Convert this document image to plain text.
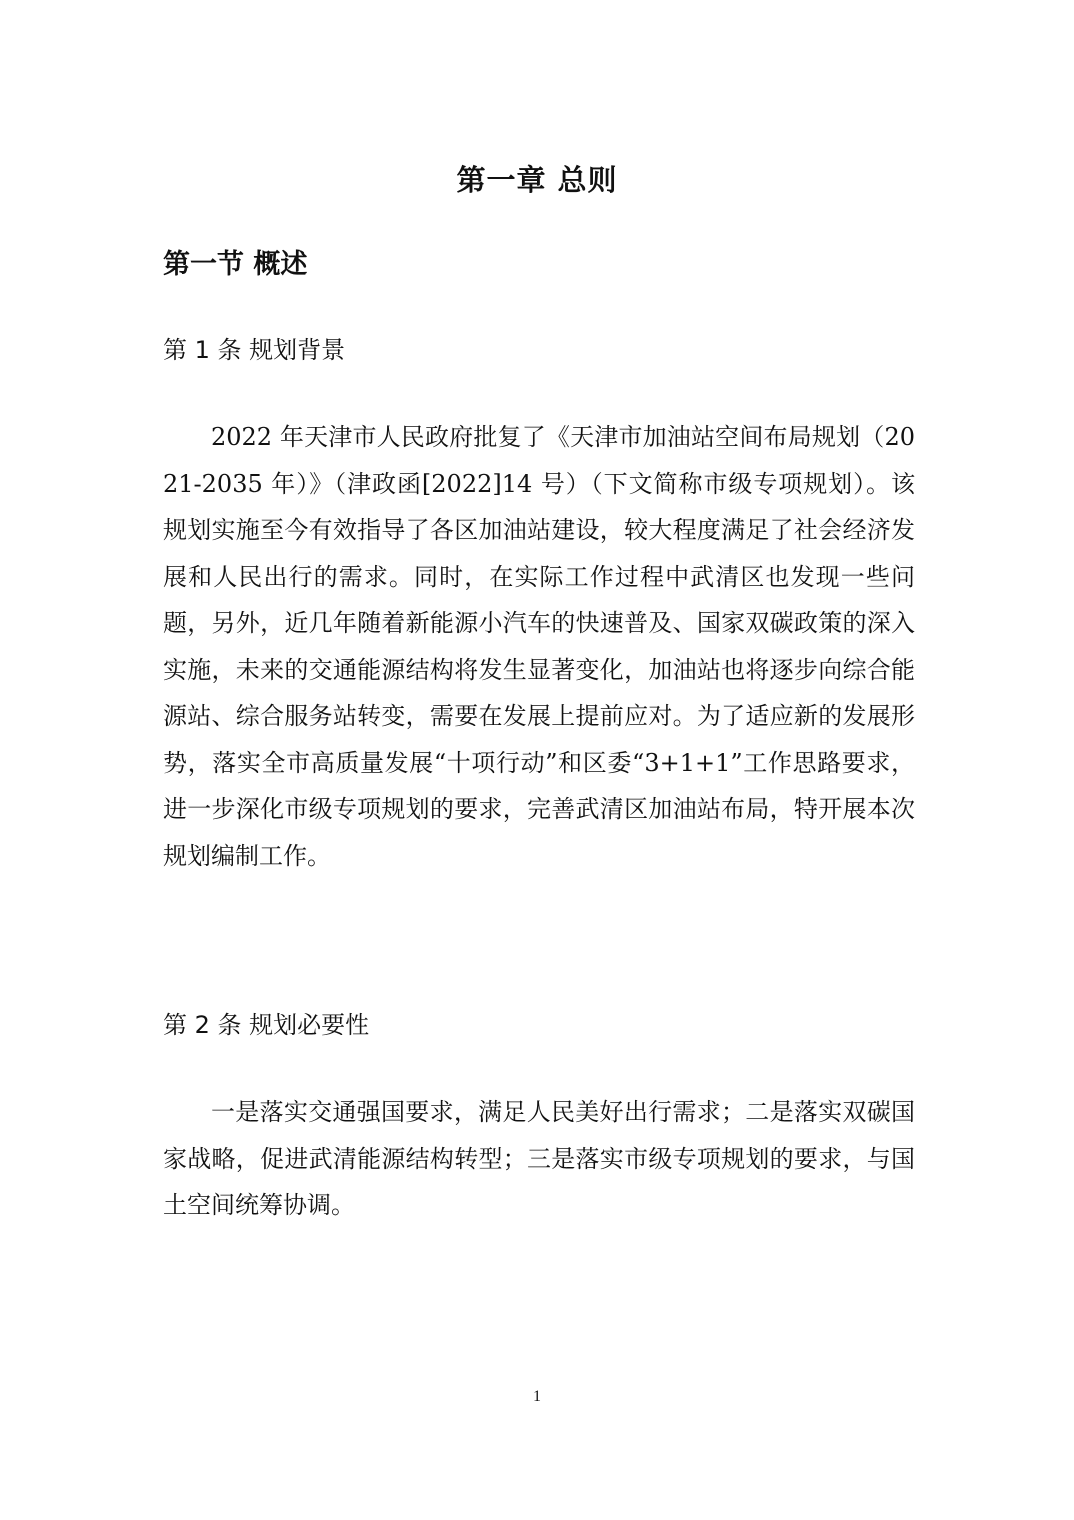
第一章 总则
第一节 概述
第 1 条 规划背景

2022 年天津市人民政府批复了《天津市加油站空间布局规划（2021-2035 年）》（津政函[2022]14 号）（下文简称市级专项规划）。该规划实施至今有效指导了各区加油站建设，较大程度满足了社会经济发展和人民出行的需求。同时，在实际工作过程中武清区也发现一些问题，另外，近几年随着新能源小汽车的快速普及、国家双碳政策的深入实施，未来的交通能源结构将发生显著变化，加油站也将逐步向综合能源站、综合服务站转变，需要在发展上提前应对。为了适应新的发展形势，落实全市高质量发展“十项行动”和区委“3+1+1”工作思路要求，进一步深化市级专项规划的要求，完善武清区加油站布局，特开展本次规划编制工作。

第 2 条 规划必要性

一是落实交通强国要求，满足人民美好出行需求；二是落实双碳国家战略，促进武清能源结构转型；三是落实市级专项规划的要求，与国土空间统筹协调。

1
